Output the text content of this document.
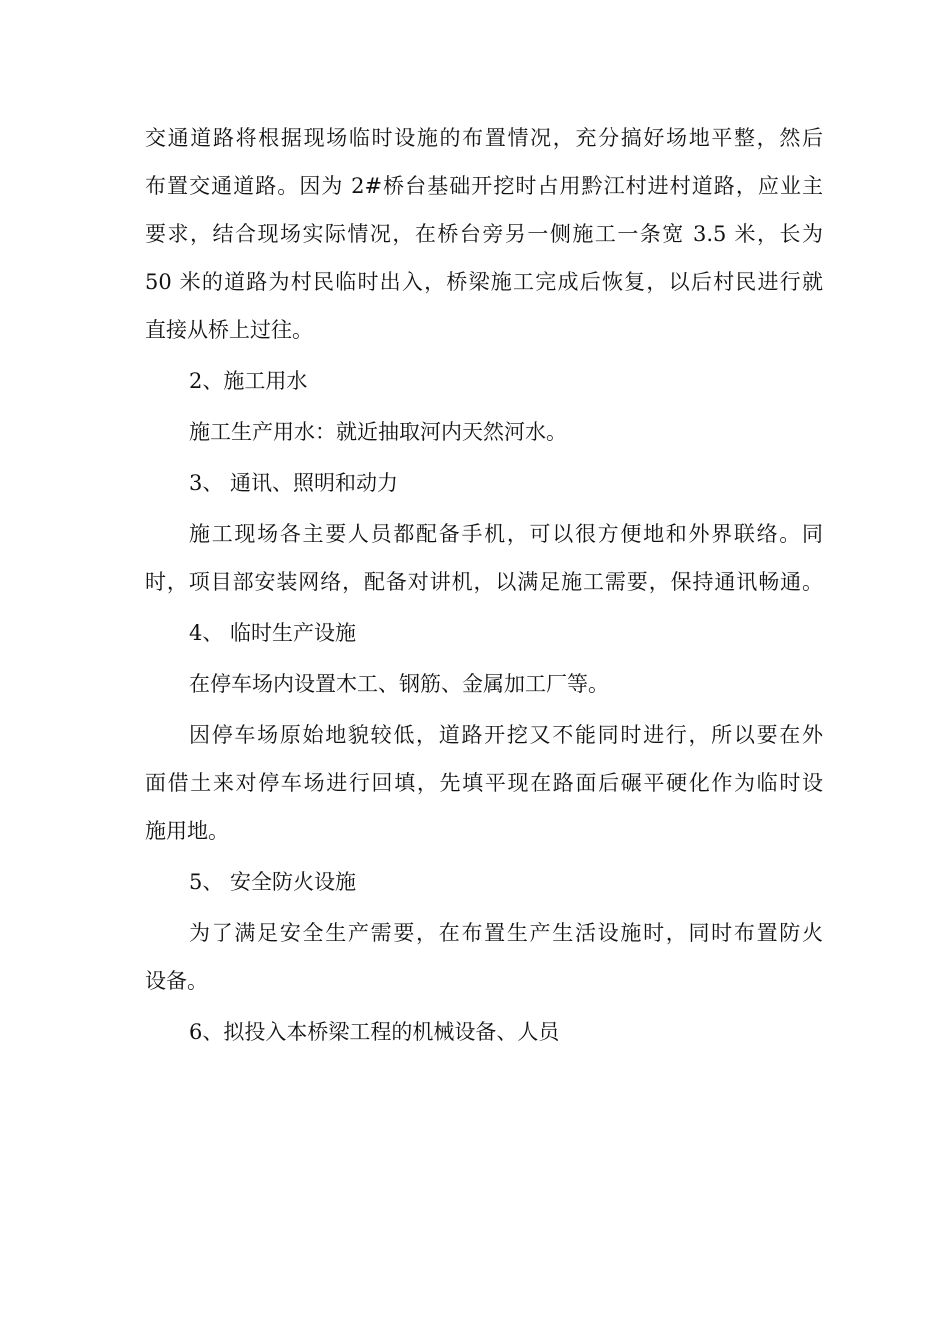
交通道路将根据现场临时设施的布置情况，充分搞好场地平整，然后
布置交通道路。因为 2#桥台基础开挖时占用黔江村进村道路，应业主
要求，结合现场实际情况，在桥台旁另一侧施工一条宽 3.5 米，长为
50 米的道路为村民临时出入，桥梁施工完成后恢复，以后村民进行就
直接从桥上过往。
2、施工用水
施工生产用水：就近抽取河内天然河水。
3、 通讯、照明和动力
施工现场各主要人员都配备手机，可以很方便地和外界联络。同
时，项目部安装网络，配备对讲机，以满足施工需要，保持通讯畅通。
4、 临时生产设施
在停车场内设置木工、钢筋、金属加工厂等。
因停车场原始地貌较低，道路开挖又不能同时进行，所以要在外
面借土来对停车场进行回填，先填平现在路面后碾平硬化作为临时设
施用地。
5、 安全防火设施
为了满足安全生产需要，在布置生产生活设施时，同时布置防火
设备。
6、拟投入本桥梁工程的机械设备、人员
